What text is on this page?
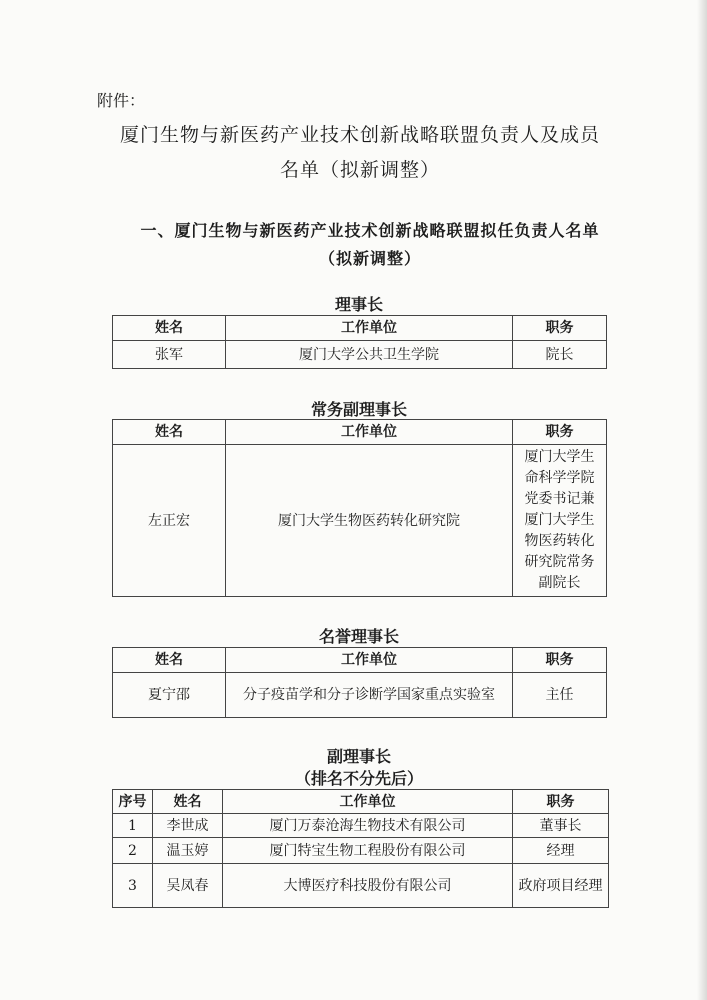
附件：
厦门生物与新医药产业技术创新战略联盟负责人及成员
名单（拟新调整）
一、厦门生物与新医药产业技术创新战略联盟拟任负责人名单
（拟新调整）
理事长
姓名	工作单位	职务
张军	厦门大学公共卫生学院	院长
常务副理事长
姓名	工作单位	职务
左正宏	厦门大学生物医药转化研究院	厦门大学生命科学学院党委书记兼厦门大学生物医药转化研究院常务副院长
名誉理事长
姓名	工作单位	职务
夏宁邵	分子疫苗学和分子诊断学国家重点实验室	主任
副理事长
（排名不分先后）
序号	姓名	工作单位	职务
1	李世成	厦门万泰沧海生物技术有限公司	董事长
2	温玉婷	厦门特宝生物工程股份有限公司	经理
3	吴凤春	大博医疗科技股份有限公司	政府项目经理
